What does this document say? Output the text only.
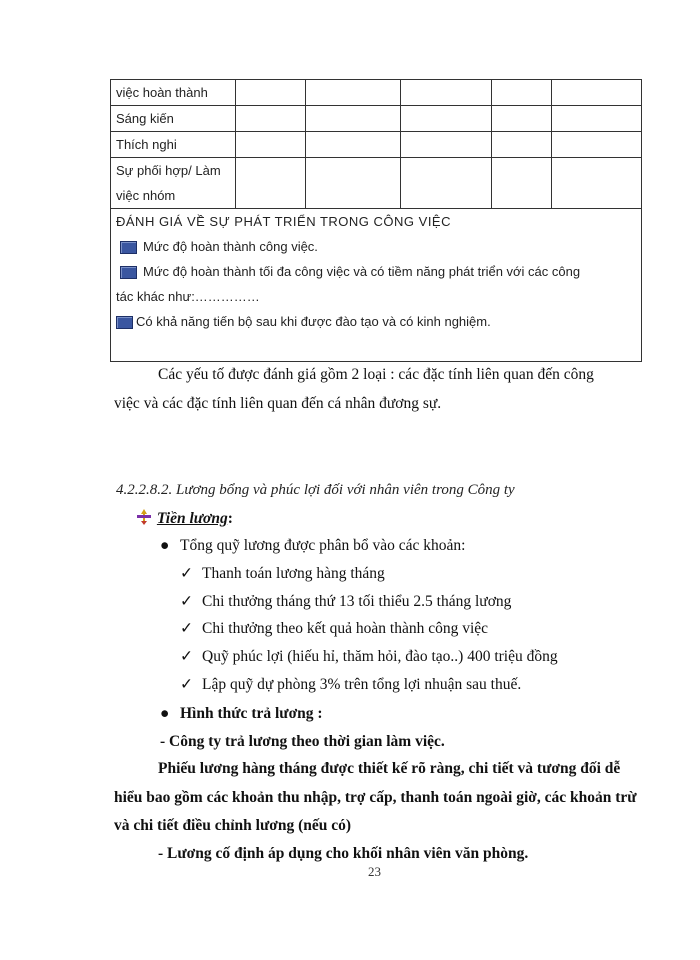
việc hoàn thành					
Sáng kiến					
Thích nghi					

Sự phối hợp/ Làm
việc nhóm					

ĐÁNH GIÁ VỀ SỰ PHÁT TRIỂN TRONG CÔNG VIỆC
Mức độ hoàn thành công việc.
Mức độ hoàn thành tối đa công việc và có tiềm năng phát triển với các công
tác khác như:……………
Có khả năng tiến bộ sau khi được đào tạo và có kinh nghiệm.					
Các yếu tố được đánh giá gồm 2 loại : các đặc tính liên quan đến công
việc và các đặc tính liên quan đến cá nhân đương sự.
4.2.2.8.2. Lương bổng và phúc lợi đối với nhân viên trong Công ty
Tiền lương:
● Tổng quỹ lương được phân bổ vào các khoản:
✓ Thanh toán lương hàng tháng
✓ Chi thưởng tháng thứ 13 tối thiểu 2.5 tháng lương
✓ Chi thưởng theo kết quả hoàn thành công việc
✓ Quỹ phúc lợi (hiếu hỉ, thăm hỏi, đào tạo..) 400 triệu đồng
✓ Lập quỹ dự phòng 3% trên tổng lợi nhuận sau thuế.
● Hình thức trả lương :
- Công ty trả lương theo thời gian làm việc.
Phiếu lương hàng tháng được thiết kế rõ ràng, chi tiết và tương đối dễ
hiểu bao gồm các khoản thu nhập, trợ cấp, thanh toán ngoài giờ, các khoản trừ
và chi tiết điều chỉnh lương (nếu có)
- Lương cố định áp dụng cho khối nhân viên văn phòng.
23
